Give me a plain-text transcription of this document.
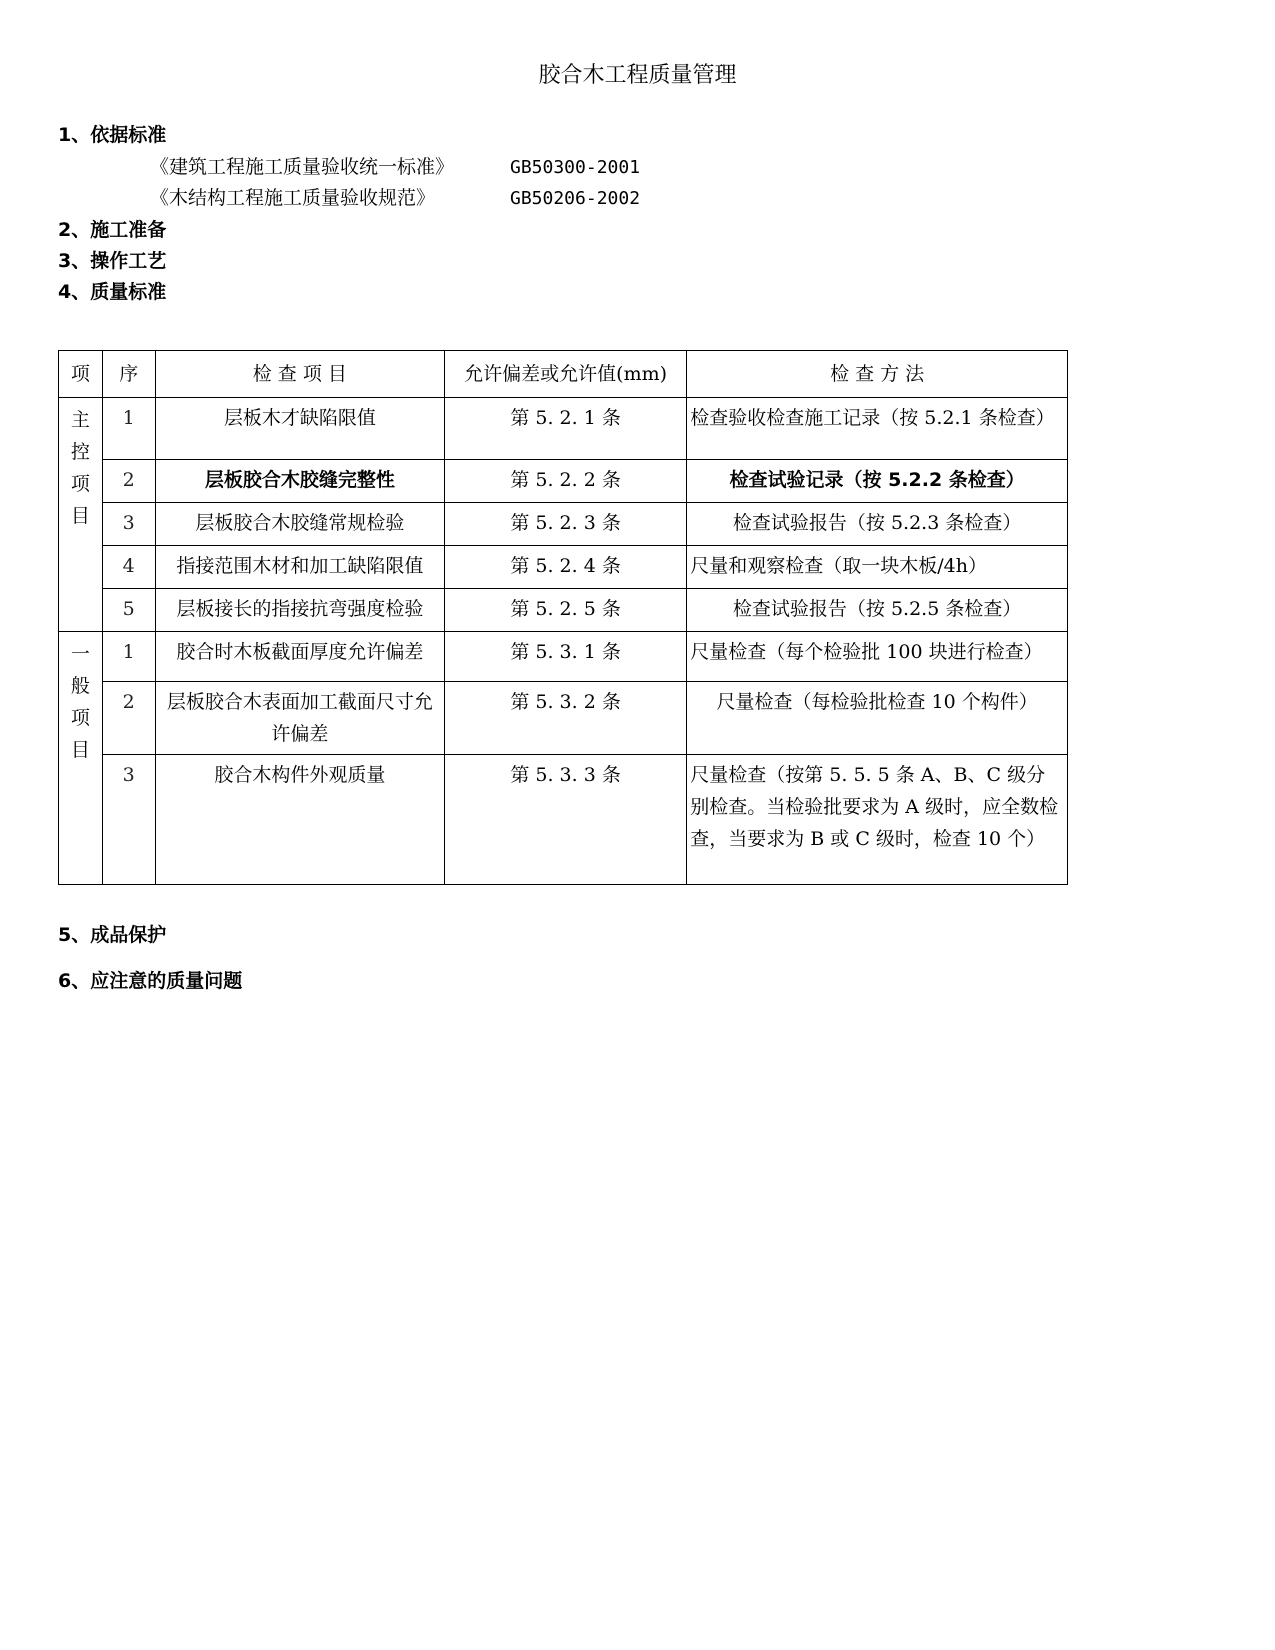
胶合木工程质量管理
1、依据标准
《建筑工程施工质量验收统一标准》	GB50300-2001
《木结构工程施工质量验收规范》	GB50206-2002
2、施工准备
3、操作工艺
4、质量标准
项	序	检 查 项 目	允许偏差或允许值(mm)	检 查 方 法

主
控
项
目	1	层板木才缺陷限值	第 5. 2. 1 条	检查验收检查施工记录（按 5.2.1 条检查）
	2	层板胶合木胶缝完整性	第 5. 2. 2 条	检查试验记录（按 5.2.2 条检查）
	3	层板胶合木胶缝常规检验	第 5. 2. 3 条	检查试验报告（按 5.2.3 条检查）
	4	指接范围木材和加工缺陷限值	第 5. 2. 4 条	尺量和观察检查（取一块木板/4h）
	5	层板接长的指接抗弯强度检验	第 5. 2. 5 条	检查试验报告（按 5.2.5 条检查）

一
般
项
目	1	胶合时木板截面厚度允许偏差	第 5. 3. 1 条	尺量检查（每个检验批 100 块进行检查）
	2	层板胶合木表面加工截面尺寸允许偏差	第 5. 3. 2 条	尺量检查（每检验批检查 10 个构件）
	3	胶合木构件外观质量	第 5. 3. 3 条	尺量检查（按第 5. 5. 5 条 A、B、C 级分别检查。当检验批要求为 A 级时，应全数检查，当要求为 B 或 C 级时，检查 10 个）
5、成品保护
6、应注意的质量问题
